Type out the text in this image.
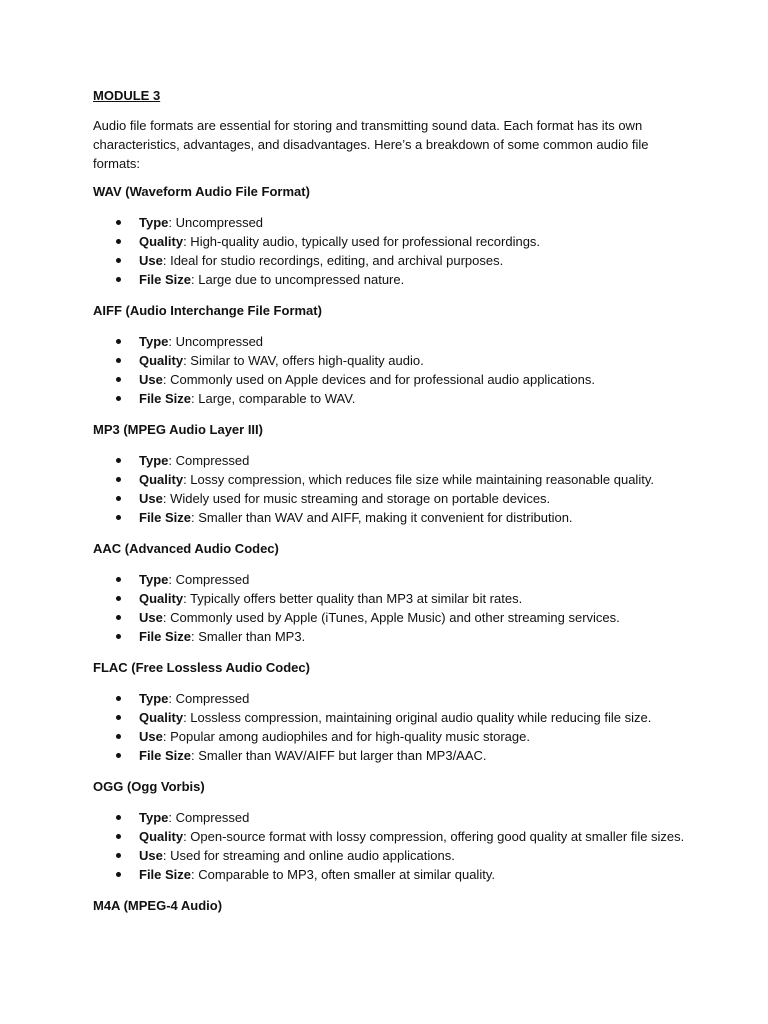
MODULE 3

Audio file formats are essential for storing and transmitting sound data. Each format has its own characteristics, advantages, and disadvantages. Here’s a breakdown of some common audio file formats:

WAV (Waveform Audio File Format)
Type: Uncompressed
Quality: High-quality audio, typically used for professional recordings.
Use: Ideal for studio recordings, editing, and archival purposes.
File Size: Large due to uncompressed nature.
AIFF (Audio Interchange File Format)
Type: Uncompressed
Quality: Similar to WAV, offers high-quality audio.
Use: Commonly used on Apple devices and for professional audio applications.
File Size: Large, comparable to WAV.
MP3 (MPEG Audio Layer III)
Type: Compressed
Quality: Lossy compression, which reduces file size while maintaining reasonable quality.
Use: Widely used for music streaming and storage on portable devices.
File Size: Smaller than WAV and AIFF, making it convenient for distribution.
AAC (Advanced Audio Codec)
Type: Compressed
Quality: Typically offers better quality than MP3 at similar bit rates.
Use: Commonly used by Apple (iTunes, Apple Music) and other streaming services.
File Size: Smaller than MP3.
FLAC (Free Lossless Audio Codec)
Type: Compressed
Quality: Lossless compression, maintaining original audio quality while reducing file size.
Use: Popular among audiophiles and for high-quality music storage.
File Size: Smaller than WAV/AIFF but larger than MP3/AAC.
OGG (Ogg Vorbis)
Type: Compressed
Quality: Open-source format with lossy compression, offering good quality at smaller file sizes.
Use: Used for streaming and online audio applications.
File Size: Comparable to MP3, often smaller at similar quality.
M4A (MPEG-4 Audio)
